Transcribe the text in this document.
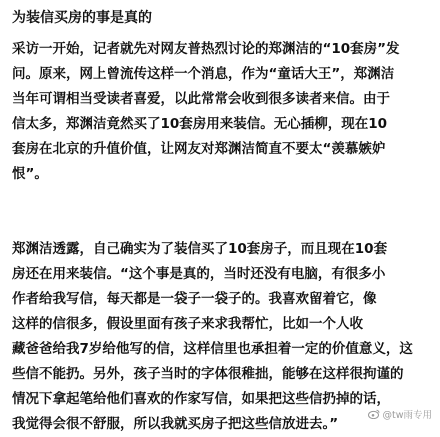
为装信买房的事是真的

采访一开始，记者就先对网友普热烈讨论的郑渊洁的“10套房”发
问。原来，网上曾流传这样一个消息，作为“童话大王”，郑渊洁
当年可谓相当受读者喜爱，以此常常会收到很多读者来信。由于
信太多，郑渊洁竟然买了10套房用来装信。无心插柳，现在10
套房在北京的升值价值，让网友对郑渊洁简直不要太“羡慕嫉妒
恨”。

郑渊洁透露，自己确实为了装信买了10套房子，而且现在10套
房还在用来装信。“这个事是真的，当时还没有电脑，有很多小
作者给我写信，每天都是一袋子一袋子的。我喜欢留着它，像
这样的信很多，假设里面有孩子来求我帮忙，比如一个人收
藏爸爸给我7岁给他写的信，这样信里也承担着一定的价值意义，这
些信不能扔。另外，孩子当时的字体很稚拙，能够在这样很拘谨的
情况下拿起笔给他们喜欢的作家写信，如果把这些信扔掉的话，
我觉得会很不舒服，所以我就买房子把这些信放进去。”

@tw雨专用
